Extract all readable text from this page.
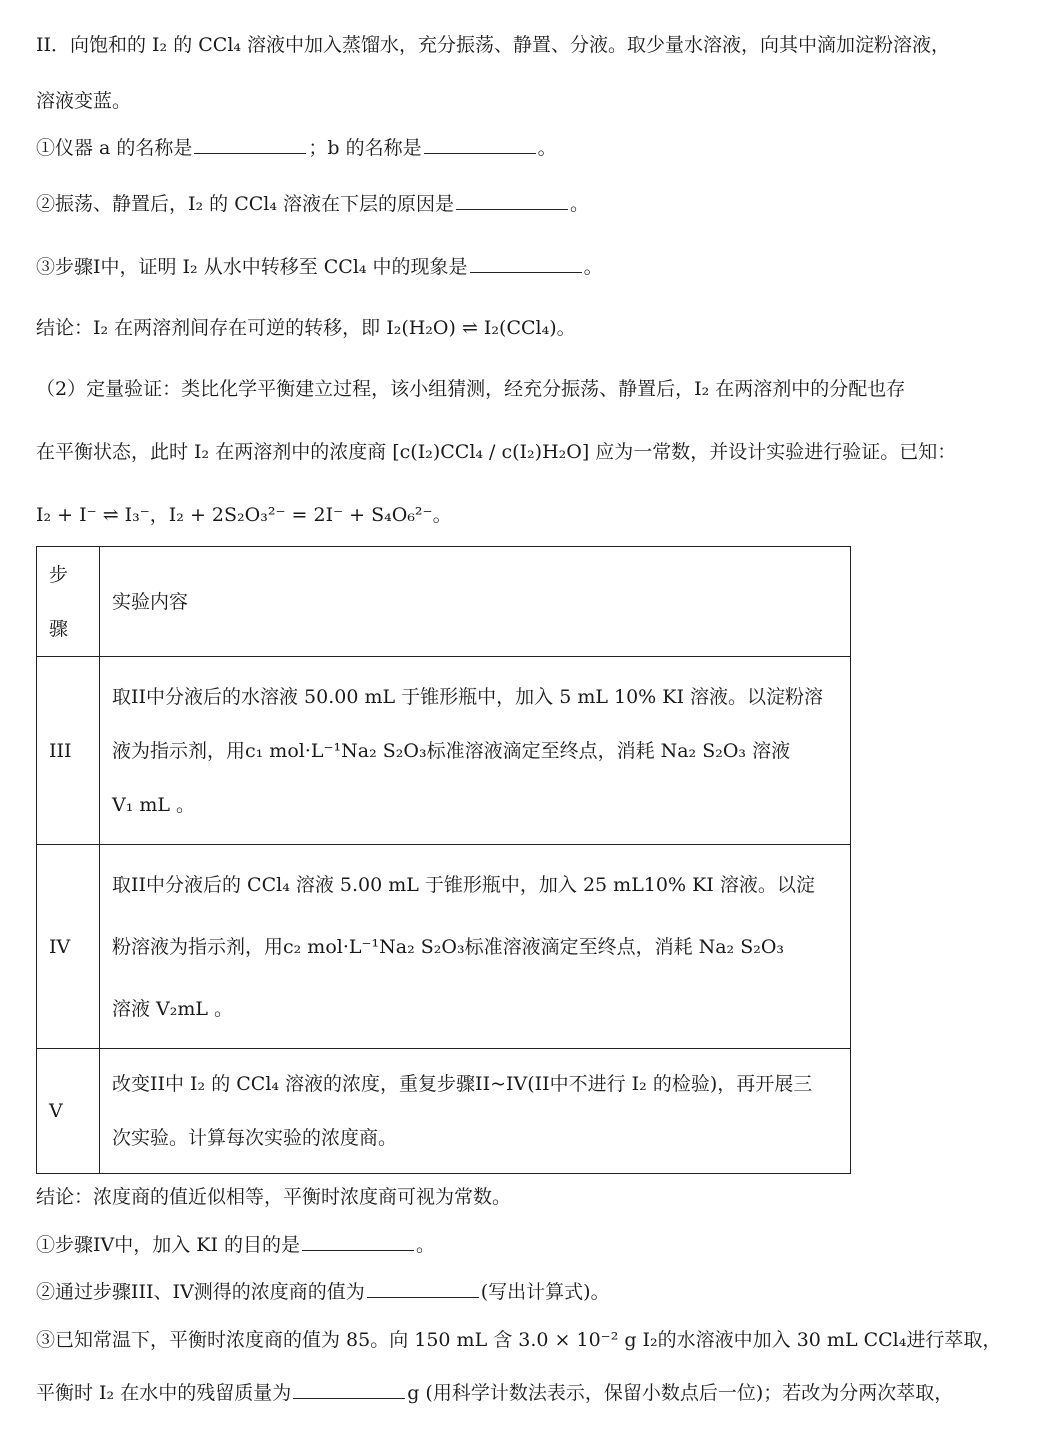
II．向饱和的 I₂ 的 CCl₄ 溶液中加入蒸馏水，充分振荡、静置、分液。取少量水溶液，向其中滴加淀粉溶液，
溶液变蓝。
①仪器 a 的名称是	；b 的名称是	。
②振荡、静置后，I₂ 的 CCl₄ 溶液在下层的原因是	。
③步骤I中，证明 I₂ 从水中转移至 CCl₄ 中的现象是	。
结论：I₂ 在两溶剂间存在可逆的转移，即 I₂(H₂O) ⇌ I₂(CCl₄)。
（2）定量验证：类比化学平衡建立过程，该小组猜测，经充分振荡、静置后，I₂ 在两溶剂中的分配也存
在平衡状态，此时 I₂ 在两溶剂中的浓度商 [c(I₂)CCl₄ / c(I₂)H₂O] 应为一常数，并设计实验进行验证。已知：
I₂ + I⁻ ⇌ I₃⁻，I₂ + 2S₂O₃²⁻ = 2I⁻ + S₄O₆²⁻。
步
骤	实验内容
III	取II中分液后的水溶液 50.00 mL 于锥形瓶中，加入 5 mL 10% KI 溶液。以淀粉溶
液为指示剂，用c₁ mol·L⁻¹Na₂ S₂O₃标准溶液滴定至终点，消耗 Na₂ S₂O₃ 溶液
V₁ mL 。

IV	取II中分液后的 CCl₄ 溶液 5.00 mL 于锥形瓶中，加入 25 mL10% KI 溶液。以淀
粉溶液为指示剂，用c₂ mol·L⁻¹Na₂ S₂O₃标准溶液滴定至终点，消耗 Na₂ S₂O₃
溶液 V₂mL 。

V	改变II中 I₂ 的 CCl₄ 溶液的浓度，重复步骤II~IV(II中不进行 I₂ 的检验)，再开展三
次实验。计算每次实验的浓度商。
结论：浓度商的值近似相等，平衡时浓度商可视为常数。
①步骤IV中，加入 KI 的目的是	。
②通过步骤III、IV测得的浓度商的值为	(写出计算式)。
③已知常温下，平衡时浓度商的值为 85。向 150 mL 含 3.0 × 10⁻² g I₂的水溶液中加入 30 mL CCl₄进行萃取，
平衡时 I₂ 在水中的残留质量为	g (用科学计数法表示，保留小数点后一位)；若改为分两次萃取，
